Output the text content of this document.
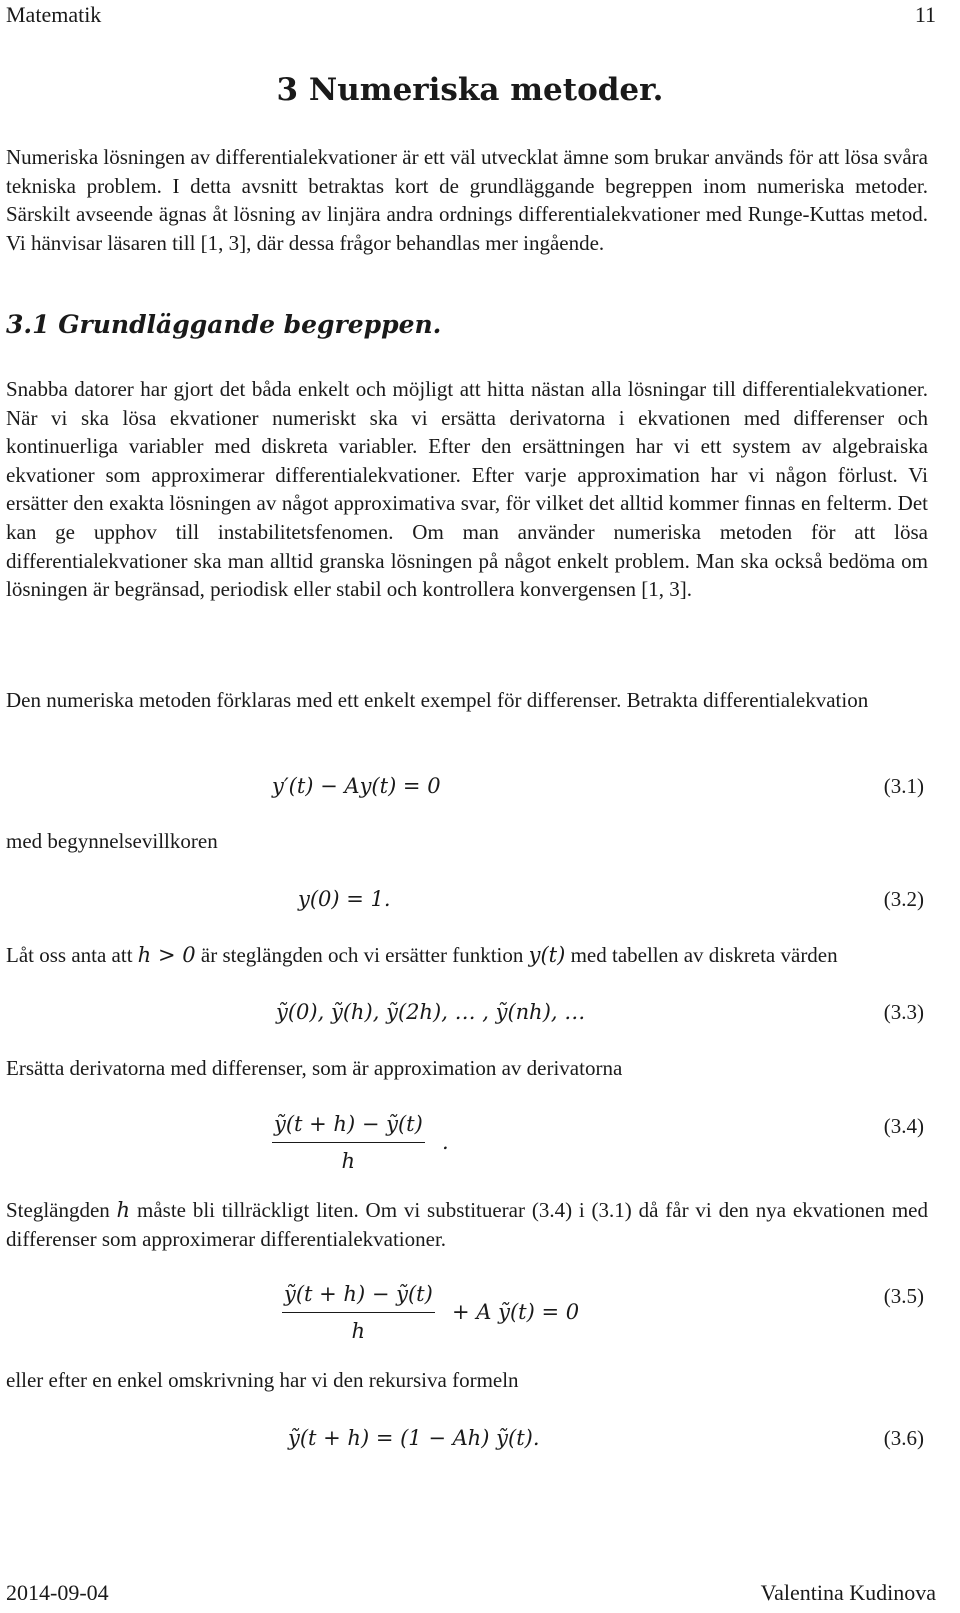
Matematik	11
3 Numeriska metoder.
Numeriska lösningen av differentialekvationer är ett väl utvecklat ämne som brukar används för att lösa svåra tekniska problem. I detta avsnitt betraktas kort de grundläggande begreppen inom numeriska metoder. Särskilt avseende ägnas åt lösning av linjära andra ordnings differentialekvationer med Runge-Kuttas metod. Vi hänvisar läsaren till [1, 3], där dessa frågor behandlas mer ingående.
3.1 Grundläggande begreppen.
Snabba datorer har gjort det båda enkelt och möjligt att hitta nästan alla lösningar till differentialekvationer. När vi ska lösa ekvationer numeriskt ska vi ersätta derivatorna i ekvationen med differenser och kontinuerliga variabler med diskreta variabler. Efter den ersättningen har vi ett system av algebraiska ekvationer som approximerar differentialekvationer. Efter varje approximation har vi någon förlust. Vi ersätter den exakta lösningen av något approximativa svar, för vilket det alltid kommer finnas en felterm. Det kan ge upphov till instabilitetsfenomen. Om man använder numeriska metoden för att lösa differentialekvationer ska man alltid granska lösningen på något enkelt problem. Man ska också bedöma om lösningen är begränsad, periodisk eller stabil och kontrollera konvergensen [1, 3].
Den numeriska metoden förklaras med ett enkelt exempel för differenser. Betrakta differentialekvation
𝑦′(𝑡) − 𝐴𝑦(𝑡) = 0	(3.1)
med begynnelsevillkoren
𝑦(0) = 1.	(3.2)
Låt oss anta att ℎ > 0 är steglängden och vi ersätter funktion 𝑦(𝑡) med tabellen av diskreta värden
𝑦̃(0), 𝑦̃(ℎ), 𝑦̃(2ℎ), … , 𝑦̃(𝑛ℎ), …	(3.3)
Ersätta derivatorna med differenser, som är approximation av derivatorna
𝑦̃(𝑡 + ℎ) − 𝑦̃(𝑡)
ℎ
.
(3.4)
Steglängden ℎ måste bli tillräckligt liten. Om vi substituerar (3.4) i (3.1) då får vi den nya ekvationen med differenser som approximerar differentialekvationer.
𝑦̃(𝑡 + ℎ) − 𝑦̃(𝑡)
ℎ
+ 𝐴 𝑦̃(𝑡) = 0
(3.5)
eller efter en enkel omskrivning har vi den rekursiva formeln
𝑦̃(𝑡 + ℎ) = (1 − 𝐴ℎ) 𝑦̃(𝑡).	(3.6)
2014-09-04	Valentina Kudinova
